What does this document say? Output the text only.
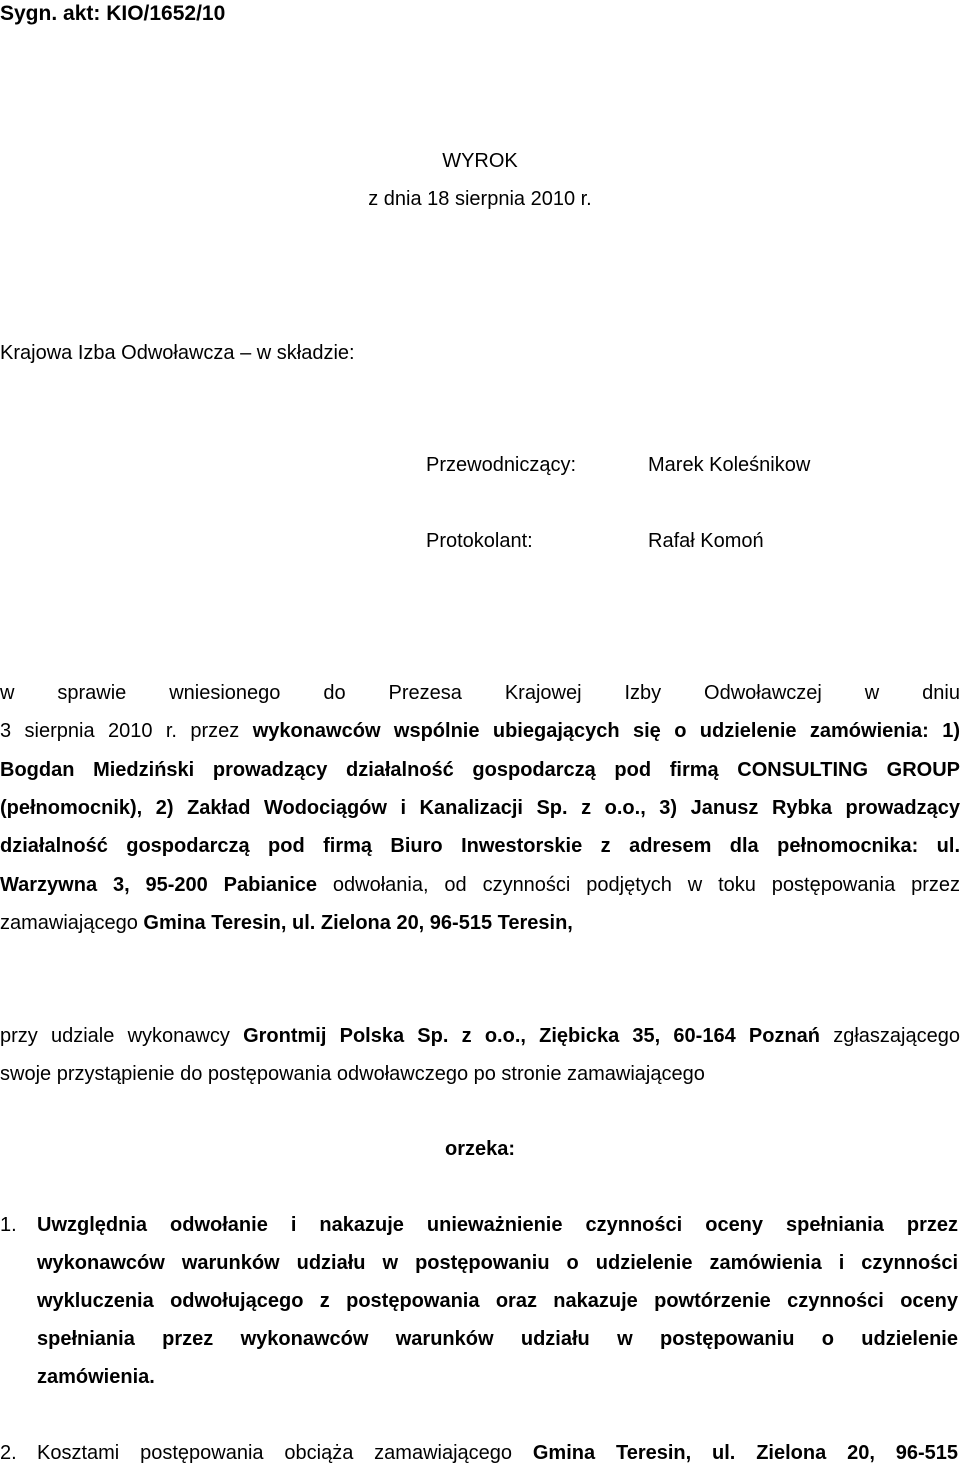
Sygn. akt: KIO/1652/10
WYROK
z dnia 18 sierpnia 2010 r.
Krajowa Izba Odwoławcza – w składzie:
Przewodniczący:	Marek Koleśnikow
Protokolant:	Rafał Komoń
w sprawie wniesionego do Prezesa Krajowej Izby Odwoławczej w dniu
3 sierpnia 2010 r. przez wykonawców wspólnie ubiegających się o udzielenie zamówienia: 1)
Bogdan Miedziński prowadzący działalność gospodarczą pod firmą CONSULTING GROUP
(pełnomocnik), 2) Zakład Wodociągów i Kanalizacji Sp. z o.o., 3) Janusz Rybka prowadzący
działalność gospodarczą pod firmą Biuro Inwestorskie z adresem dla pełnomocnika: ul.
Warzywna 3, 95-200 Pabianice odwołania, od czynności podjętych w toku postępowania przez
zamawiającego Gmina Teresin, ul. Zielona 20, 96-515 Teresin,
przy udziale wykonawcy Grontmij Polska Sp. z o.o., Ziębicka 35, 60-164 Poznań zgłaszającego
swoje przystąpienie do postępowania odwoławczego po stronie zamawiającego
orzeka:
1. Uwzględnia odwołanie i nakazuje unieważnienie czynności oceny spełniania przez
wykonawców warunków udziału w postępowaniu o udzielenie zamówienia i czynności
wykluczenia odwołującego z postępowania oraz nakazuje powtórzenie czynności oceny
spełniania przez wykonawców warunków udziału w postępowaniu o udzielenie
zamówienia.
2. Kosztami postępowania obciąża zamawiającego Gmina Teresin, ul. Zielona 20, 96-515
